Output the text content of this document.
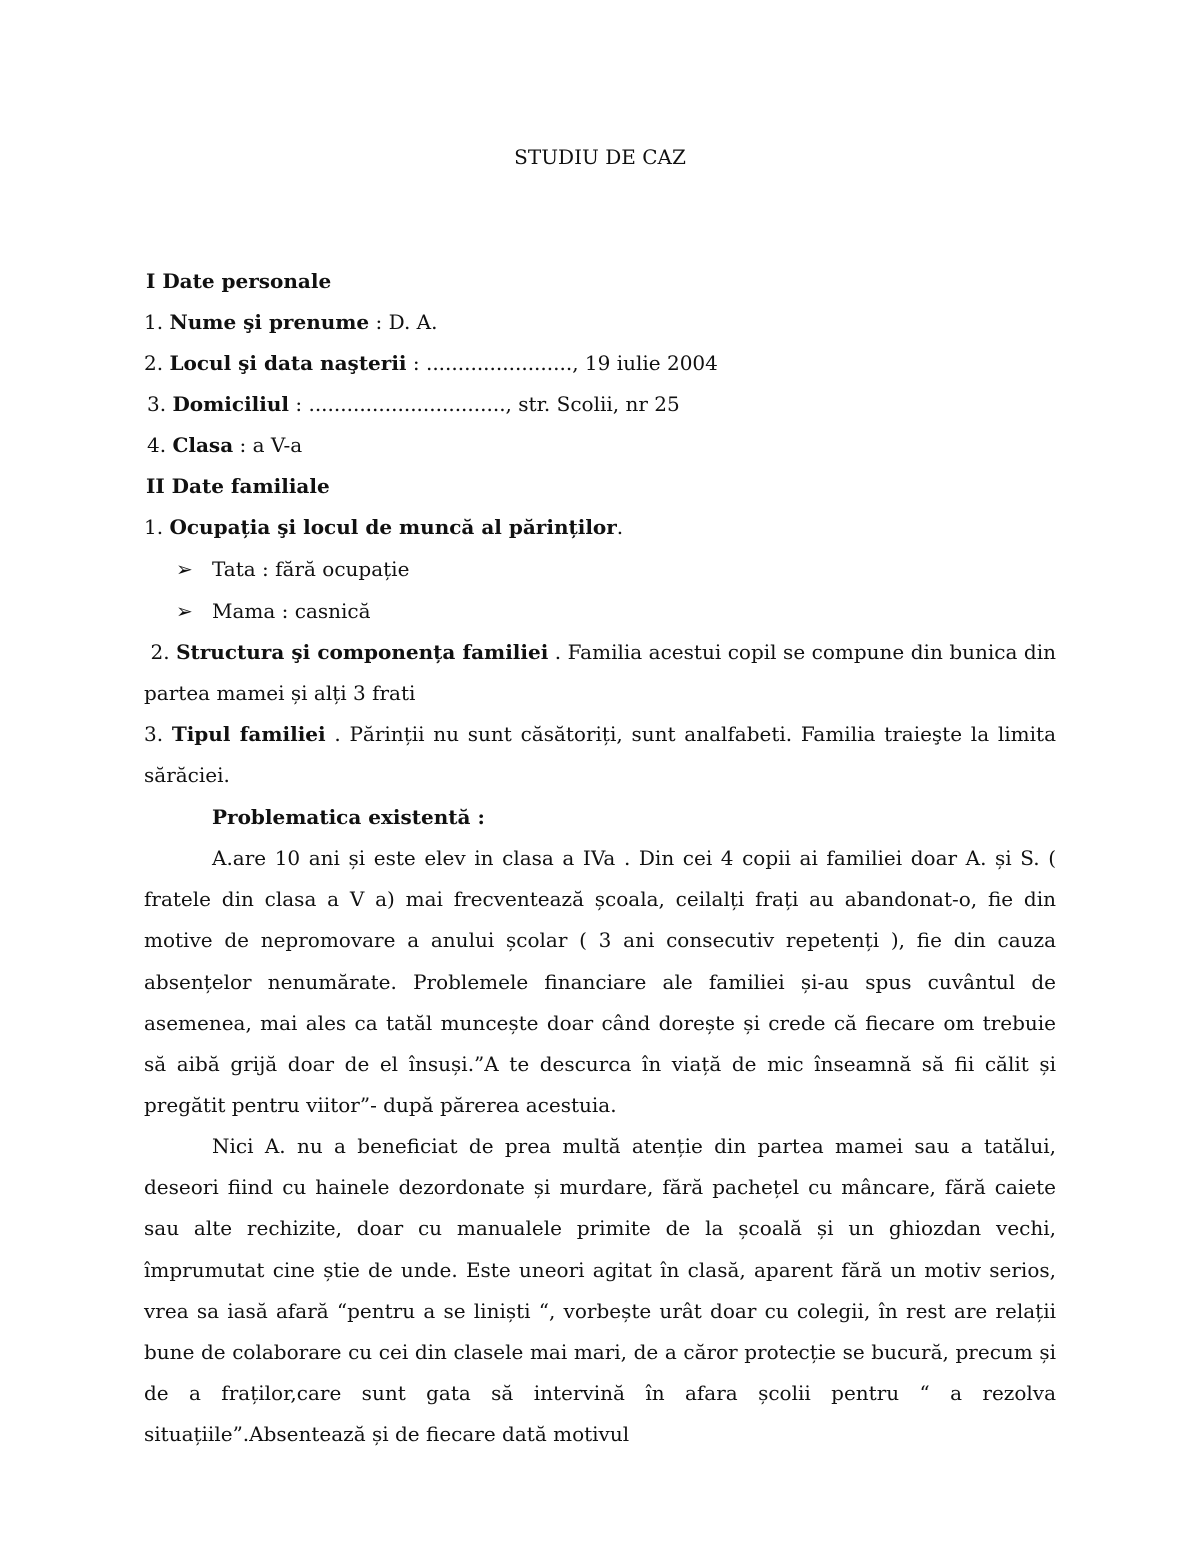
STUDIU DE CAZ
I Date personale
1. Nume şi prenume : D. A.
2. Locul şi data naşterii : ......................., 19 iulie 2004
3. Domiciliul : ..............................., str. Scolii, nr 25
4. Clasa : a V-a
II Date familiale
1. Ocupația şi locul de muncă al părinților.
➢ Tata : fără ocupație
➢ Mama : casnică
2. Structura şi componența familiei . Familia acestui copil se compune din bunica din partea mamei și alți 3 frati
3. Tipul familiei . Părinții nu sunt căsătoriți, sunt analfabeti. Familia traieşte la limita sărăciei.
Problematica existentă :
A.are 10 ani și este elev in clasa a IVa . Din cei 4 copii ai familiei doar A. și S. ( fratele din clasa a V a) mai frecventează școala, ceilalți frați au abandonat-o, fie din motive de nepromovare a anului școlar ( 3 ani consecutiv repetenți ), fie din cauza absențelor nenumărate. Problemele financiare ale familiei și-au spus cuvântul de asemenea, mai ales ca tatăl muncește doar când dorește și crede că fiecare om trebuie să aibă grijă doar de el însuși.”A te descurca în viață de mic înseamnă să fii călit și pregătit pentru viitor”- după părerea acestuia.
Nici A. nu a beneficiat de prea multă atenție din partea mamei sau a tatălui, deseori fiind cu hainele dezordonate și murdare, fără pachețel cu mâncare, fără caiete sau alte rechizite, doar cu manualele primite de la școală și un ghiozdan vechi, împrumutat cine știe de unde. Este uneori agitat în clasă, aparent fără un motiv serios, vrea sa iasă afară “pentru a se liniști “, vorbește urât doar cu colegii, în rest are relații bune de colaborare cu cei din clasele mai mari, de a căror protecție se bucură, precum și de a fraților,care sunt gata să intervină în afara școlii pentru “ a rezolva situațiile”.Absentează și de fiecare dată motivul
